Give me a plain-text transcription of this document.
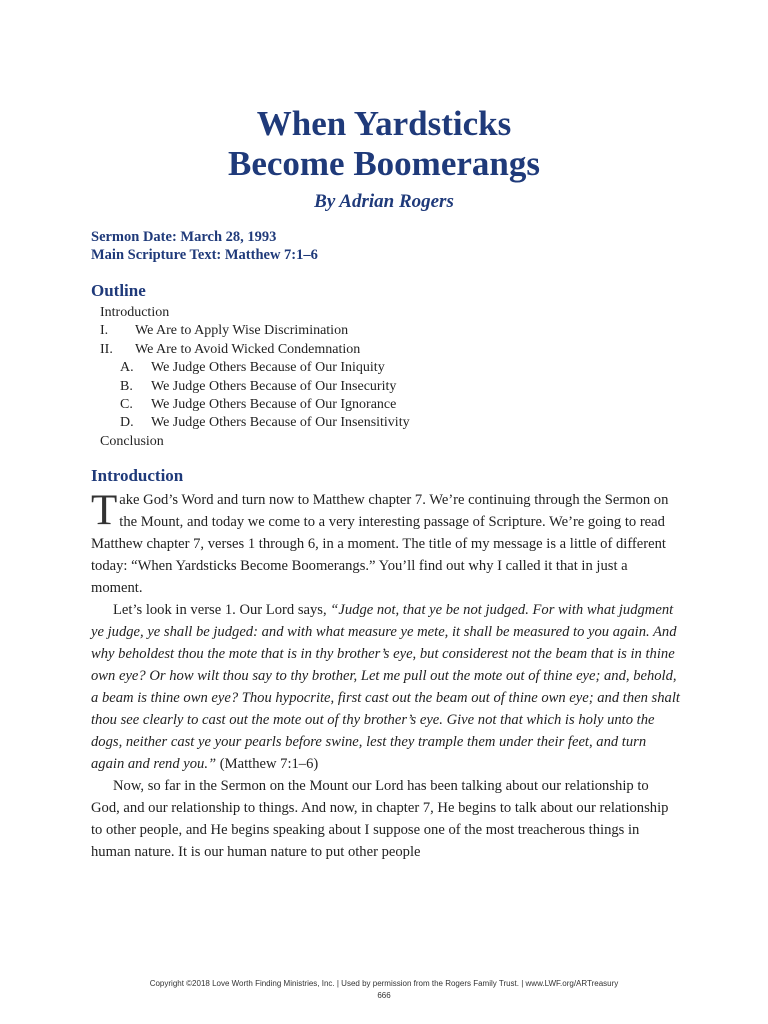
When Yardsticks
Become Boomerangs
By Adrian Rogers
Sermon Date: March 28, 1993
Main Scripture Text: Matthew 7:1–6
Outline
Introduction
I. We Are to Apply Wise Discrimination
II. We Are to Avoid Wicked Condemnation
A. We Judge Others Because of Our Iniquity
B. We Judge Others Because of Our Insecurity
C. We Judge Others Because of Our Ignorance
D. We Judge Others Because of Our Insensitivity
Conclusion
Introduction

Take God’s Word and turn now to Matthew chapter 7. We’re continuing through the Sermon on the Mount, and today we come to a very interesting passage of Scripture. We’re going to read Matthew chapter 7, verses 1 through 6, in a moment. The title of my message is a little of different today: “When Yardsticks Become Boomerangs.” You’ll find out why I called it that in just a moment.

Let’s look in verse 1. Our Lord says, “Judge not, that ye be not judged. For with what judgment ye judge, ye shall be judged: and with what measure ye mete, it shall be measured to you again. And why beholdest thou the mote that is in thy brother’s eye, but considerest not the beam that is in thine own eye? Or how wilt thou say to thy brother, Let me pull out the mote out of thine eye; and, behold, a beam is thine own eye? Thou hypocrite, first cast out the beam out of thine own eye; and then shalt thou see clearly to cast out the mote out of thy brother’s eye. Give not that which is holy unto the dogs, neither cast ye your pearls before swine, lest they trample them under their feet, and turn again and rend you.” (Matthew 7:1–6)

Now, so far in the Sermon on the Mount our Lord has been talking about our relationship to God, and our relationship to things. And now, in chapter 7, He begins to talk about our relationship to other people, and He begins speaking about I suppose one of the most treacherous things in human nature. It is our human nature to put other people

Copyright ©2018 Love Worth Finding Ministries, Inc. | Used by permission from the Rogers Family Trust. | www.LWF.org/ARTreasury
666
